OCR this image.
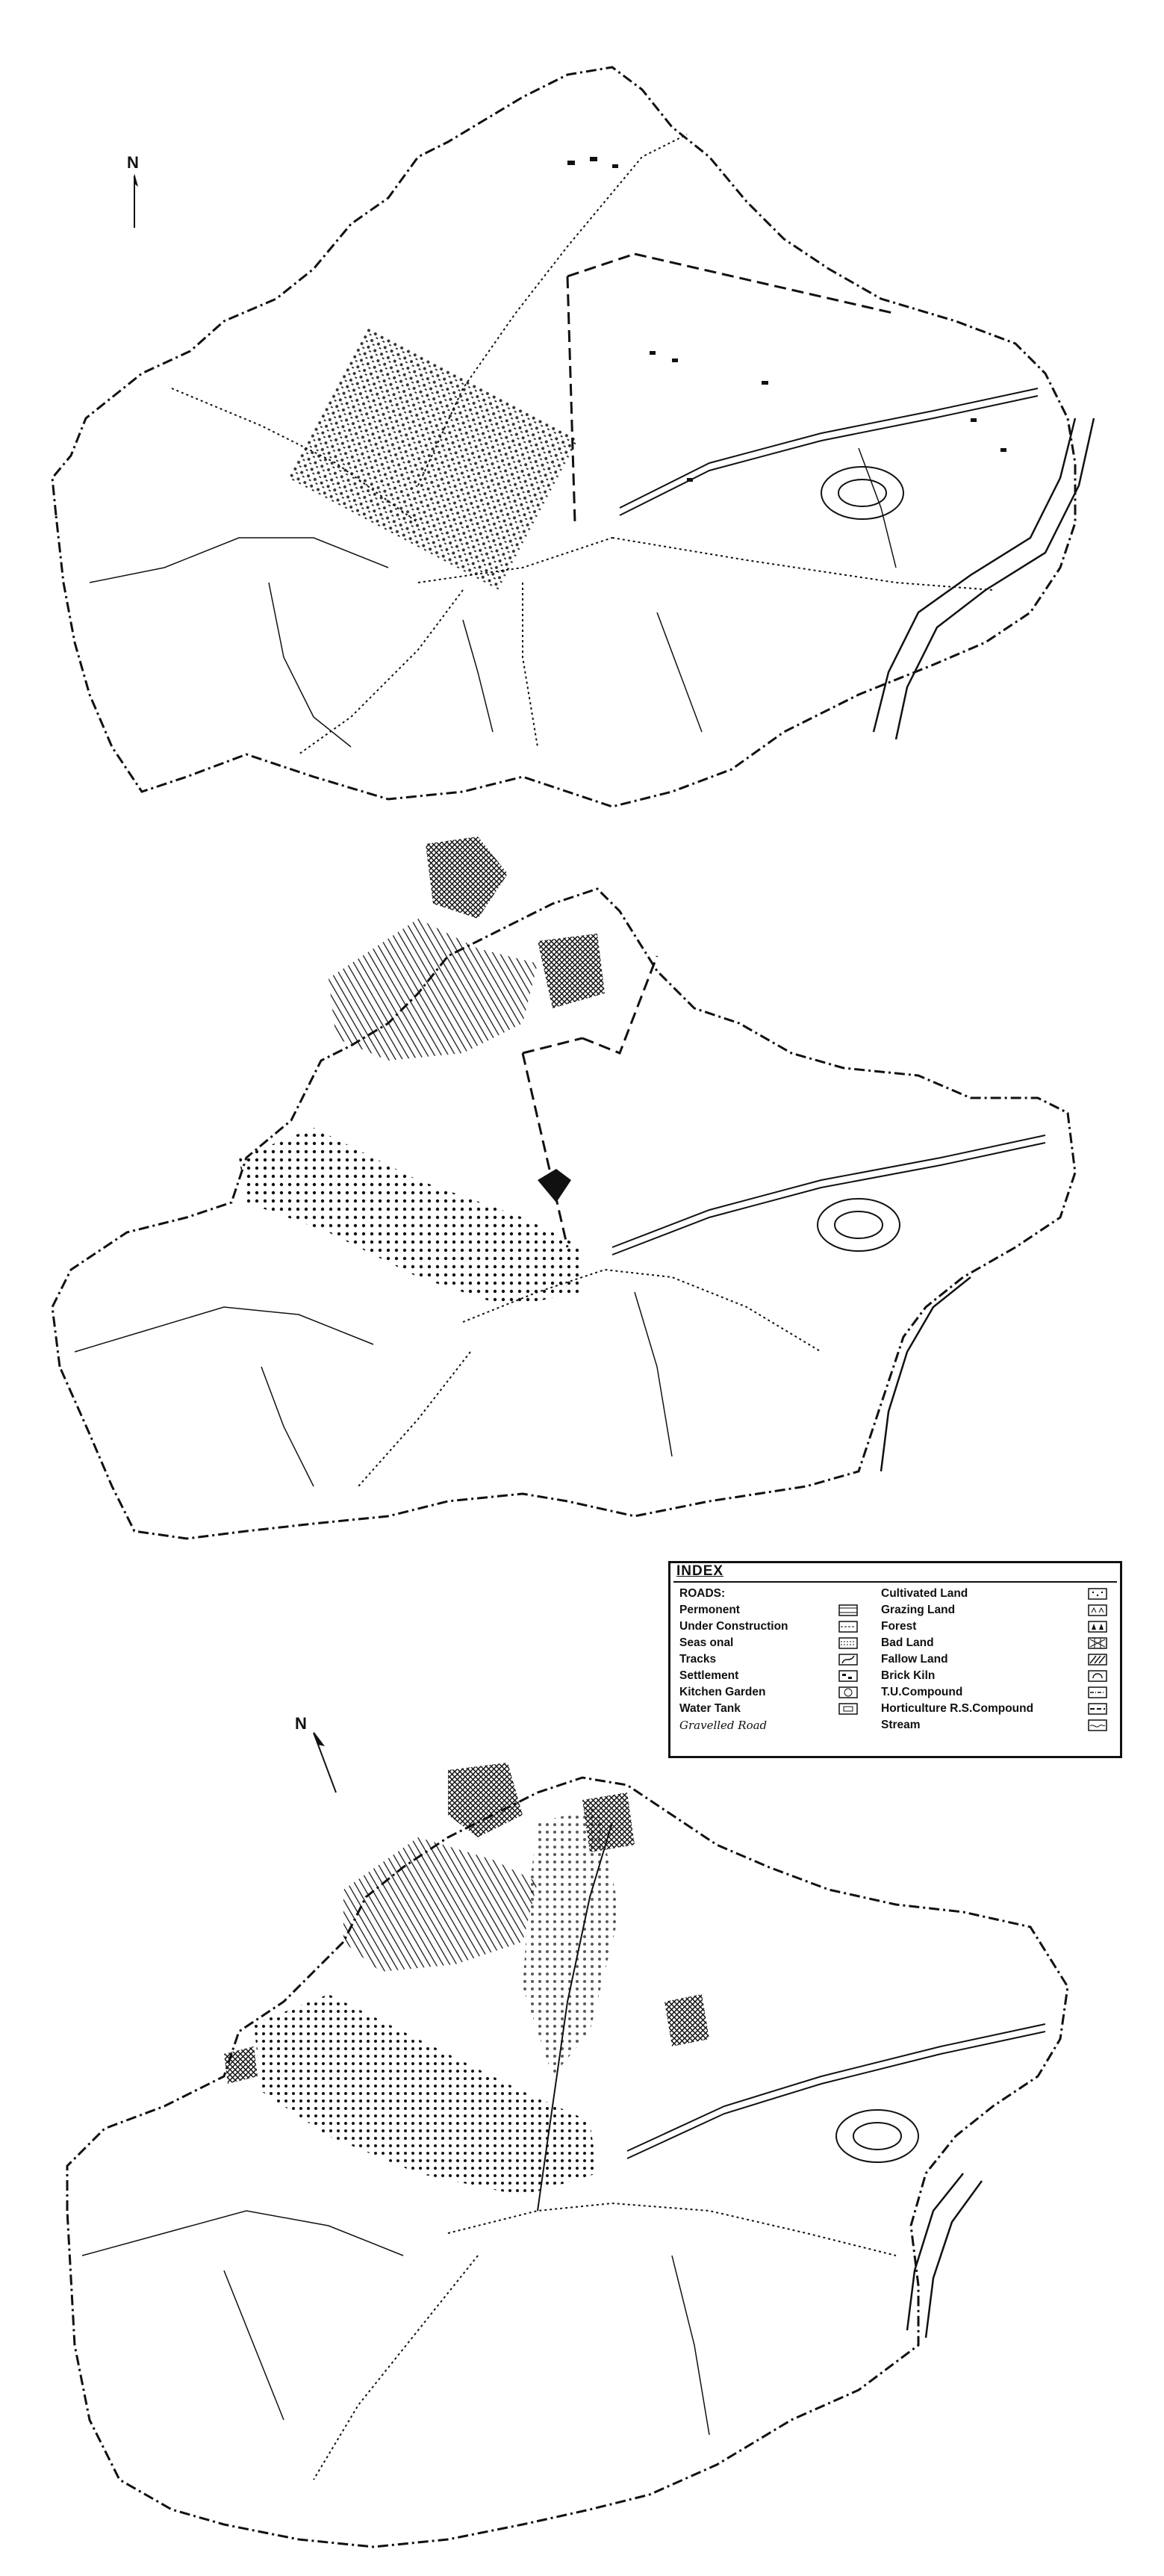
N
INDEX
ROADS:
Permonent
Under Construction
Seas onal
Tracks
Settlement
Kitchen Garden
Water Tank
Gravelled Road
Cultivated Land
Grazing Land
Forest
Bad Land
Fallow Land
Brick Kiln
T.U.Compound
Horticulture R.S.Compound
Stream
N
